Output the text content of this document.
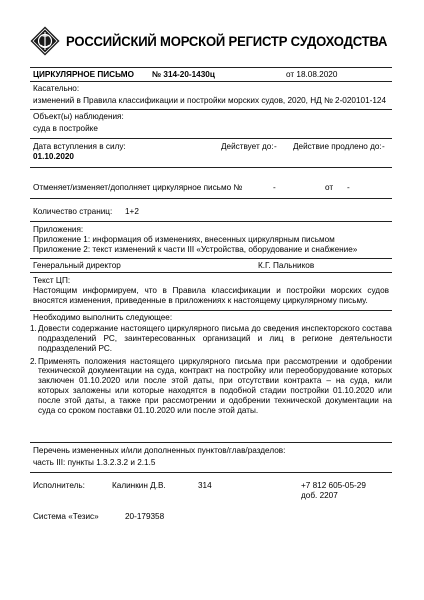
РОССИЙСКИЙ МОРСКОЙ РЕГИСТР СУДОХОДСТВА
ЦИРКУЛЯРНОЕ ПИСЬМО № 314-20-1430ц	от 18.08.2020
Касательно:
изменений в Правила классификации и постройки морских судов, 2020, НД № 2-020101-124
Объект(ы) наблюдения:
суда в постройке
Дата вступления в силу:
01.10.2020
Действует до: - Действие продлено до: -
Отменяет/изменяет/дополняет циркулярное письмо №	-	от -
Количество страниц: 1+2
Приложения:
Приложение 1: информация об изменениях, внесенных циркулярным письмом
Приложение 2: текст изменений к части III «Устройства, оборудование и снабжение»
Генеральный директор	К.Г. Пальников
Текст ЦП:
Настоящим информируем, что в Правила классификации и постройки морских судов вносятся изменения, приведенные в приложениях к настоящему циркулярному письму.
Необходимо выполнить следующее:
1. Довести содержание настоящего циркулярного письма до сведения инспекторского состава подразделений РС, заинтересованных организаций и лиц в регионе деятельности подразделений РС.
2. Применять положения настоящего циркулярного письма при рассмотрении и одобрении технической документации на суда, контракт на постройку или переоборудование которых заключен 01.10.2020 или после этой даты, при отсутствии контракта – на суда, кили которых заложены или которые находятся в подобной стадии постройки 01.10.2020 или после этой даты, а также при рассмотрении и одобрении технической документации на суда со сроком поставки 01.10.2020 или после этой даты.
Перечень измененных и/или дополненных пунктов/глав/разделов:
часть III: пункты 1.3.2.3.2 и 2.1.5
Исполнитель:	Калинкин Д.В.	314	+7 812 605-05-29
доб. 2207
Система «Тезис»	20-179358
